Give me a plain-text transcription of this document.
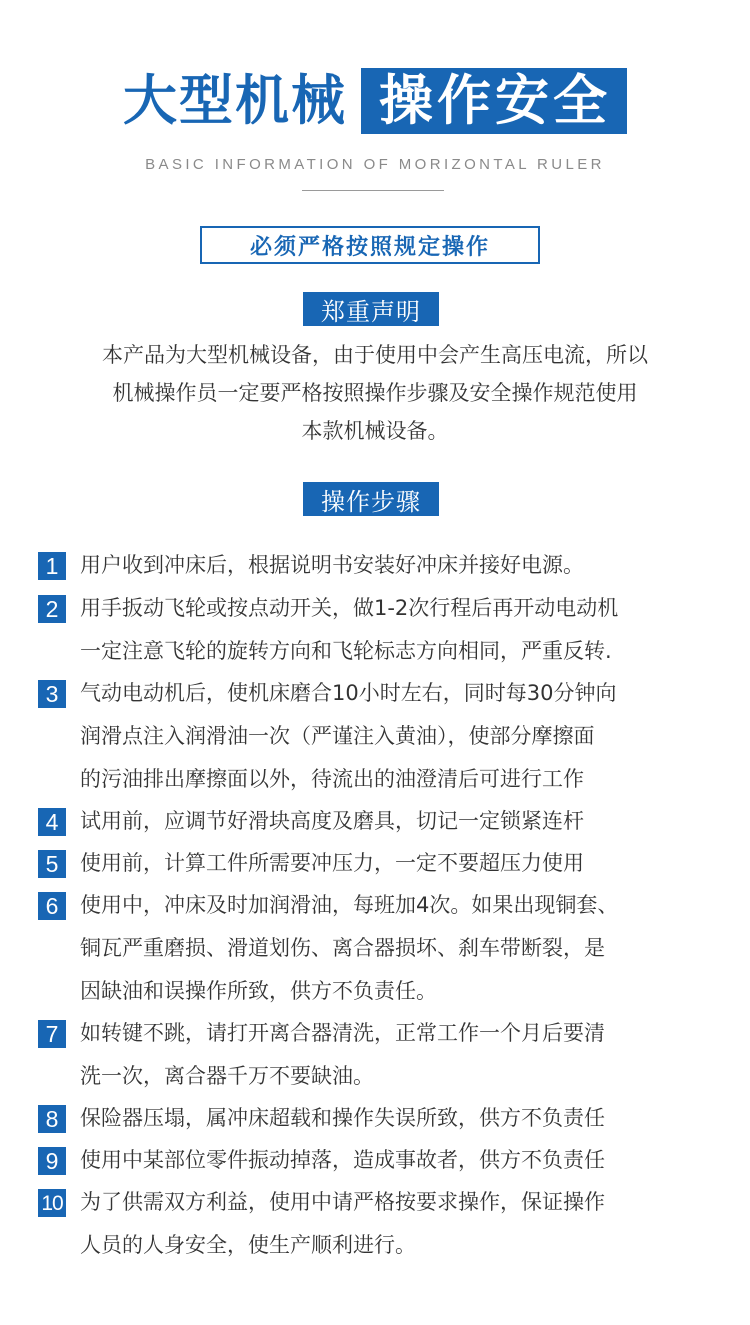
大型机械 操作安全
BASIC INFORMATION OF MORIZONTAL RULER
必须严格按照规定操作
郑重声明
本产品为大型机械设备，由于使用中会产生高压电流，所以
机械操作员一定要严格按照操作步骤及安全操作规范使用
本款机械设备。
操作步骤
1	用户收到冲床后，根据说明书安装好冲床并接好电源。
2	用手扳动飞轮或按点动开关，做1-2次行程后再开动电动机
一定注意飞轮的旋转方向和飞轮标志方向相同，严重反转.
3	气动电动机后，使机床磨合10小时左右，同时每30分钟向
润滑点注入润滑油一次（严谨注入黄油），使部分摩擦面
的污油排出摩擦面以外，待流出的油澄清后可进行工作
4	试用前，应调节好滑块高度及磨具，切记一定锁紧连杆
5	使用前，计算工件所需要冲压力，一定不要超压力使用
6	使用中，冲床及时加润滑油，每班加4次。如果出现铜套、
铜瓦严重磨损、滑道划伤、离合器损坏、刹车带断裂，是
因缺油和误操作所致，供方不负责任。
7	如转键不跳，请打开离合器清洗，正常工作一个月后要清
洗一次，离合器千万不要缺油。
8	保险器压塌，属冲床超载和操作失误所致，供方不负责任
9	使用中某部位零件振动掉落，造成事故者，供方不负责任
10 为了供需双方利益，使用中请严格按要求操作，保证操作
人员的人身安全，使生产顺利进行。
